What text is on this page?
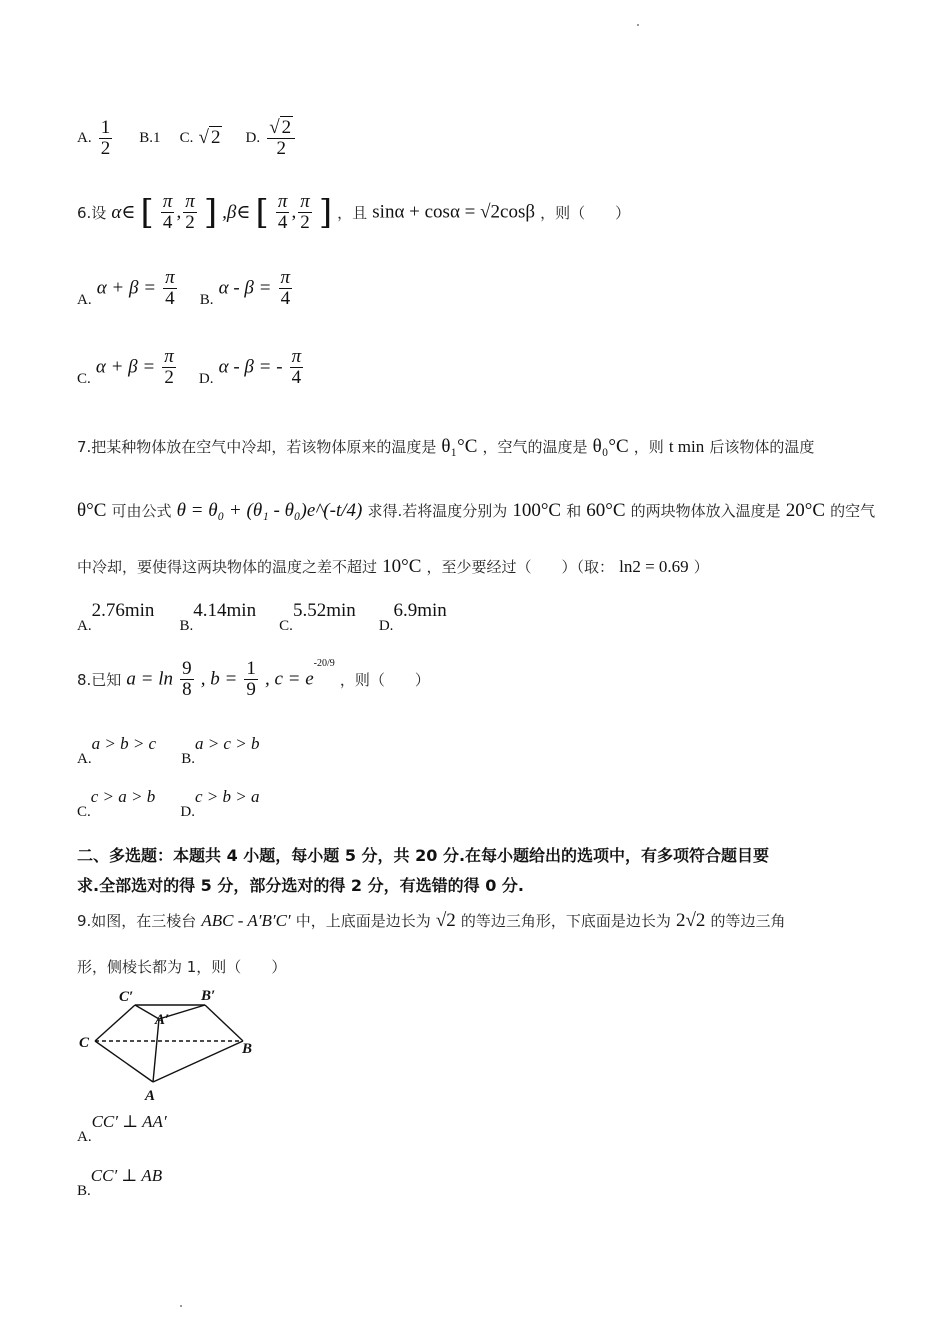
A. $\frac{1}{2} B.1$ C. √ 2 D. $\frac{√ 2}{2}$
6.设 α∈ [ $\frac{\pi}{4}$ , $\frac{\pi}{2}$ ] ,β∈ [ $\frac{\pi}{4}$ , $\frac{\pi}{2}$ ] ，且 sinα + cosα = √2cosβ ，则（　　）
A. $\alpha + \beta = \frac{\pi}{4} B$. $\alpha - \beta = \frac{\pi}{4}$
C. $\alpha + \beta = \frac{\pi}{2} D$. α - β = - $\frac{\pi}{4}$
7.把某种物体放在空气中冷却，若该物体原来的温度是 θ₁°C ，空气的温度是 θ₀°C ，则 t min 后该物体的温度
θ°C 可由公式 θ = θ₀ + (θ₁ - θ₀)e^(-t/4) 求得.若将温度分别为 100°C 和 60°C 的两块物体放入温度是 20°C 的空气
中冷却，要使得这两块物体的温度之差不超过 10°C ，至少要经过（　　）（取： ln2 = 0.69 ）
A.2.76min B.4.14min C.5.52min D.6.9min
8.已知 $a = \ln \frac{9}{8}$ , $b = \frac{1}{9}$ , $c = e^{-20/9}$ ，则（　　）
A.a > b > c B.a > c > b
C.c > a > b D.c > b > a
二、多选题：本题共 4 小题，每小题 5 分，共 20 分.在每小题给出的选项中，有多项符合题目要
求.全部选对的得 5 分，部分选对的得 2 分，有选错的得 0 分.
9.如图，在三棱台 ABC - A′B′C′ 中，上底面是边长为 √2 的等边三角形，下底面是边长为 2√2 的等边三角
形，侧棱长都为 1，则（　　）
C′	B′
A′
C	B
A
A.CC′ ⊥ AA′
B.CC′ ⊥ AB
